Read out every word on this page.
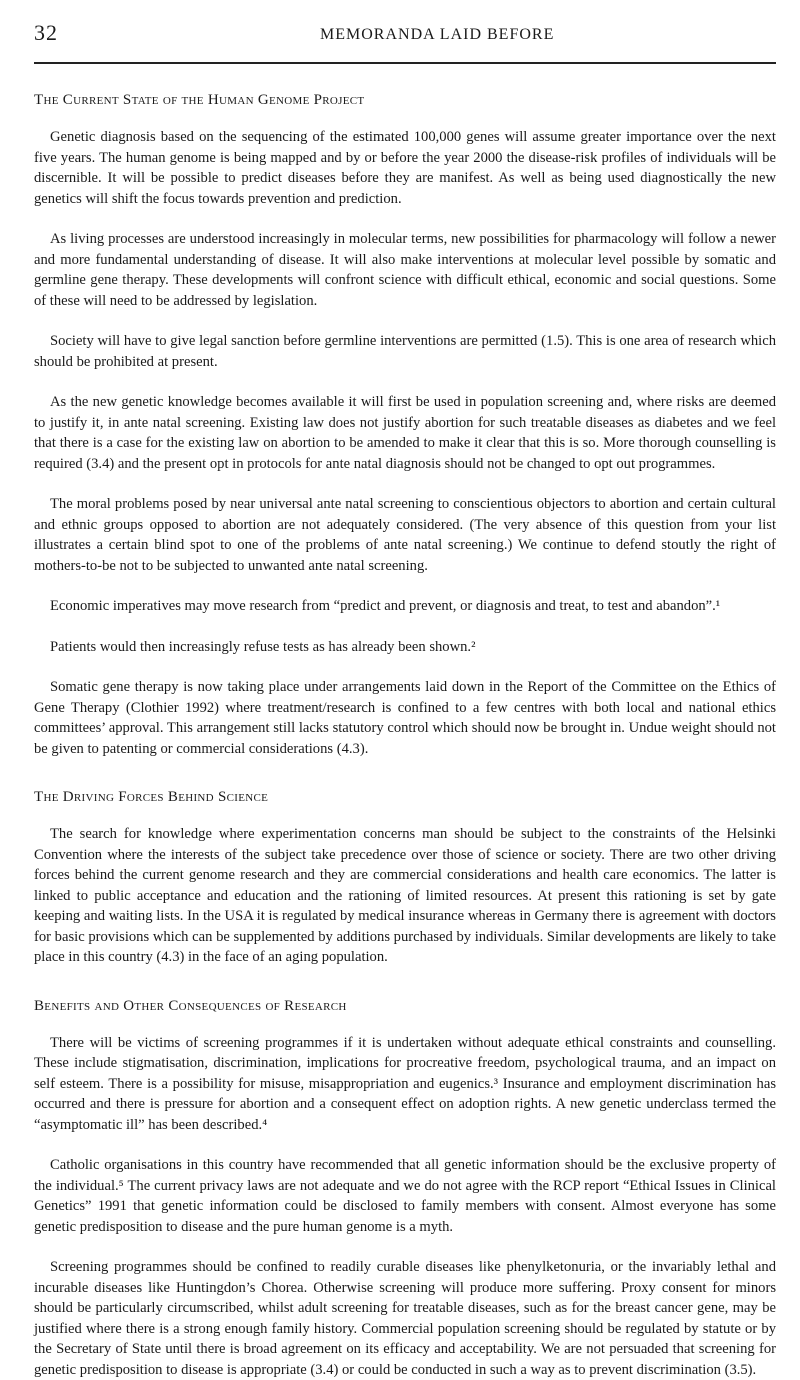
32	MEMORANDA LAID BEFORE
The Current State of the Human Genome Project

Genetic diagnosis based on the sequencing of the estimated 100,000 genes will assume greater importance over the next five years. The human genome is being mapped and by or before the year 2000 the disease-risk profiles of individuals will be discernible. It will be possible to predict diseases before they are manifest. As well as being used diagnostically the new genetics will shift the focus towards prevention and prediction.

As living processes are understood increasingly in molecular terms, new possibilities for pharmacology will follow a newer and more fundamental understanding of disease. It will also make interventions at molecular level possible by somatic and germline gene therapy. These developments will confront science with difficult ethical, economic and social questions. Some of these will need to be addressed by legislation.

Society will have to give legal sanction before germline interventions are permitted (1.5). This is one area of research which should be prohibited at present.

As the new genetic knowledge becomes available it will first be used in population screening and, where risks are deemed to justify it, in ante natal screening. Existing law does not justify abortion for such treatable diseases as diabetes and we feel that there is a case for the existing law on abortion to be amended to make it clear that this is so. More thorough counselling is required (3.4) and the present opt in protocols for ante natal diagnosis should not be changed to opt out programmes.

The moral problems posed by near universal ante natal screening to conscientious objectors to abortion and certain cultural and ethnic groups opposed to abortion are not adequately considered. (The very absence of this question from your list illustrates a certain blind spot to one of the problems of ante natal screening.) We continue to defend stoutly the right of mothers-to-be not to be subjected to unwanted ante natal screening.

Economic imperatives may move research from “predict and prevent, or diagnosis and treat, to test and abandon”.¹

Patients would then increasingly refuse tests as has already been shown.²

Somatic gene therapy is now taking place under arrangements laid down in the Report of the Committee on the Ethics of Gene Therapy (Clothier 1992) where treatment/research is confined to a few centres with both local and national ethics committees’ approval. This arrangement still lacks statutory control which should now be brought in. Undue weight should not be given to patenting or commercial considerations (4.3).

The Driving Forces Behind Science

The search for knowledge where experimentation concerns man should be subject to the constraints of the Helsinki Convention where the interests of the subject take precedence over those of science or society. There are two other driving forces behind the current genome research and they are commercial considerations and health care economics. The latter is linked to public acceptance and education and the rationing of limited resources. At present this rationing is set by gate keeping and waiting lists. In the USA it is regulated by medical insurance whereas in Germany there is agreement with doctors for basic provisions which can be supplemented by additions purchased by individuals. Similar developments are likely to take place in this country (4.3) in the face of an aging population.

Benefits and Other Consequences of Research

There will be victims of screening programmes if it is undertaken without adequate ethical constraints and counselling. These include stigmatisation, discrimination, implications for procreative freedom, psychological trauma, and an impact on self esteem. There is a possibility for misuse, misappropriation and eugenics.³ Insurance and employment discrimination has occurred and there is pressure for abortion and a consequent effect on adoption rights. A new genetic underclass termed the “asymptomatic ill” has been described.⁴

Catholic organisations in this country have recommended that all genetic information should be the exclusive property of the individual.⁵ The current privacy laws are not adequate and we do not agree with the RCP report “Ethical Issues in Clinical Genetics” 1991 that genetic information could be disclosed to family members with consent. Almost everyone has some genetic predisposition to disease and the pure human genome is a myth.

Screening programmes should be confined to readily curable diseases like phenylketonuria, or the invariably lethal and incurable diseases like Huntingdon’s Chorea. Otherwise screening will produce more suffering. Proxy consent for minors should be particularly circumscribed, whilst adult screening for treatable diseases, such as for the breast cancer gene, may be justified where there is a strong enough family history. Commercial population screening should be regulated by statute or by the Secretary of State until there is broad agreement on its efficacy and acceptability. We are not persuaded that screening for genetic predisposition to disease is appropriate (3.4) or could be conducted in such a way as to prevent discrimination (3.5).
